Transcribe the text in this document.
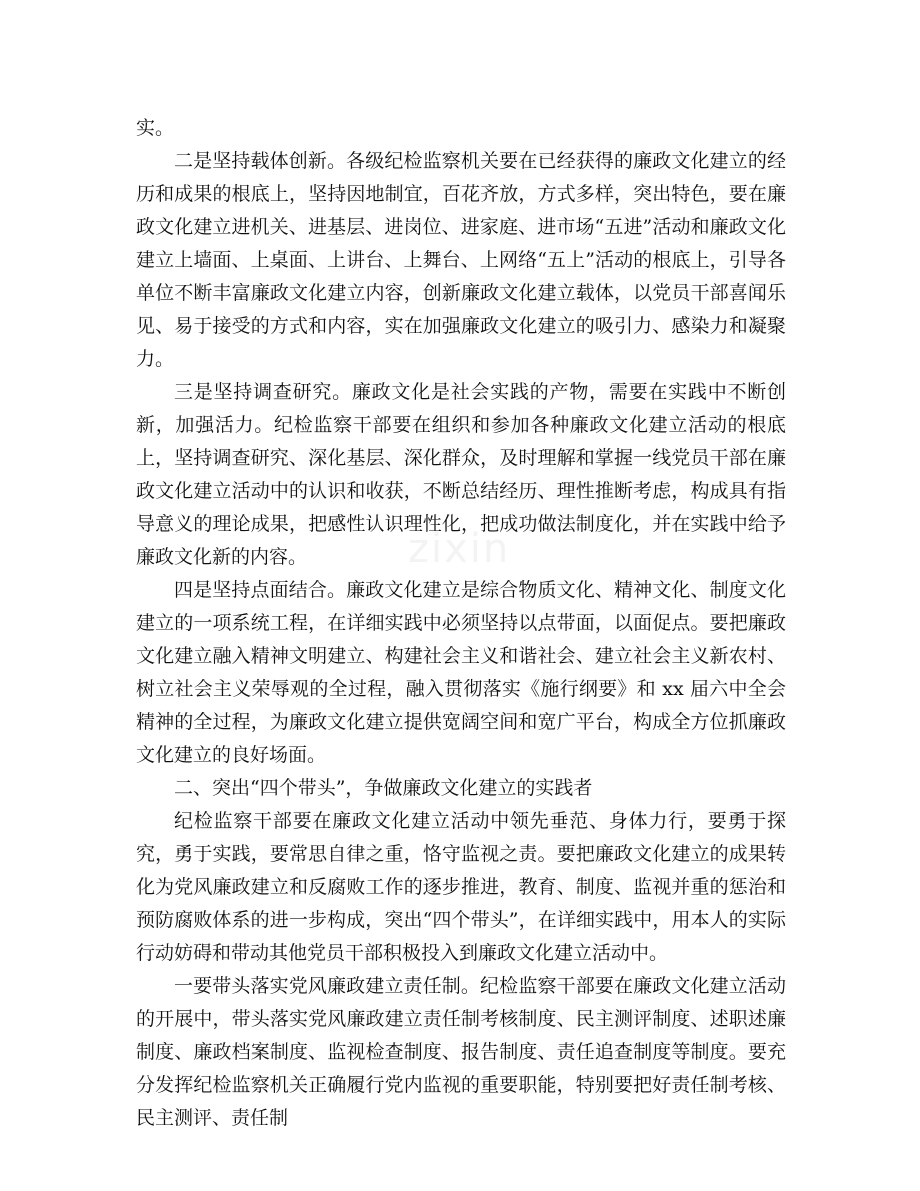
zixin

实。

二是坚持载体创新。各级纪检监察机关要在已经获得的廉政文化建立的经历和成果的根底上，坚持因地制宜，百花齐放，方式多样，突出特色，要在廉政文化建立进机关、进基层、进岗位、进家庭、进市场“五进”活动和廉政文化建立上墙面、上桌面、上讲台、上舞台、上网络“五上”活动的根底上，引导各单位不断丰富廉政文化建立内容，创新廉政文化建立载体，以党员干部喜闻乐见、易于接受的方式和内容，实在加强廉政文化建立的吸引力、感染力和凝聚力。

三是坚持调查研究。廉政文化是社会实践的产物，需要在实践中不断创新，加强活力。纪检监察干部要在组织和参加各种廉政文化建立活动的根底上，坚持调查研究、深化基层、深化群众，及时理解和掌握一线党员干部在廉政文化建立活动中的认识和收获，不断总结经历、理性推断考虑，构成具有指导意义的理论成果，把感性认识理性化，把成功做法制度化，并在实践中给予廉政文化新的内容。

四是坚持点面结合。廉政文化建立是综合物质文化、精神文化、制度文化建立的一项系统工程，在详细实践中必须坚持以点带面，以面促点。要把廉政文化建立融入精神文明建立、构建社会主义和谐社会、建立社会主义新农村、树立社会主义荣辱观的全过程，融入贯彻落实《施行纲要》和 xx 届六中全会精神的全过程，为廉政文化建立提供宽阔空间和宽广平台，构成全方位抓廉政文化建立的良好场面。

二、突出“四个带头”，争做廉政文化建立的实践者

纪检监察干部要在廉政文化建立活动中领先垂范、身体力行，要勇于探究，勇于实践，要常思自律之重，恪守监视之责。要把廉政文化建立的成果转化为党风廉政建立和反腐败工作的逐步推进，教育、制度、监视并重的惩治和预防腐败体系的进一步构成，突出“四个带头”，在详细实践中，用本人的实际行动妨碍和带动其他党员干部积极投入到廉政文化建立活动中。

一要带头落实党风廉政建立责任制。纪检监察干部要在廉政文化建立活动的开展中，带头落实党风廉政建立责任制考核制度、民主测评制度、述职述廉制度、廉政档案制度、监视检查制度、报告制度、责任追查制度等制度。要充分发挥纪检监察机关正确履行党内监视的重要职能，特别要把好责任制考核、民主测评、责任制
